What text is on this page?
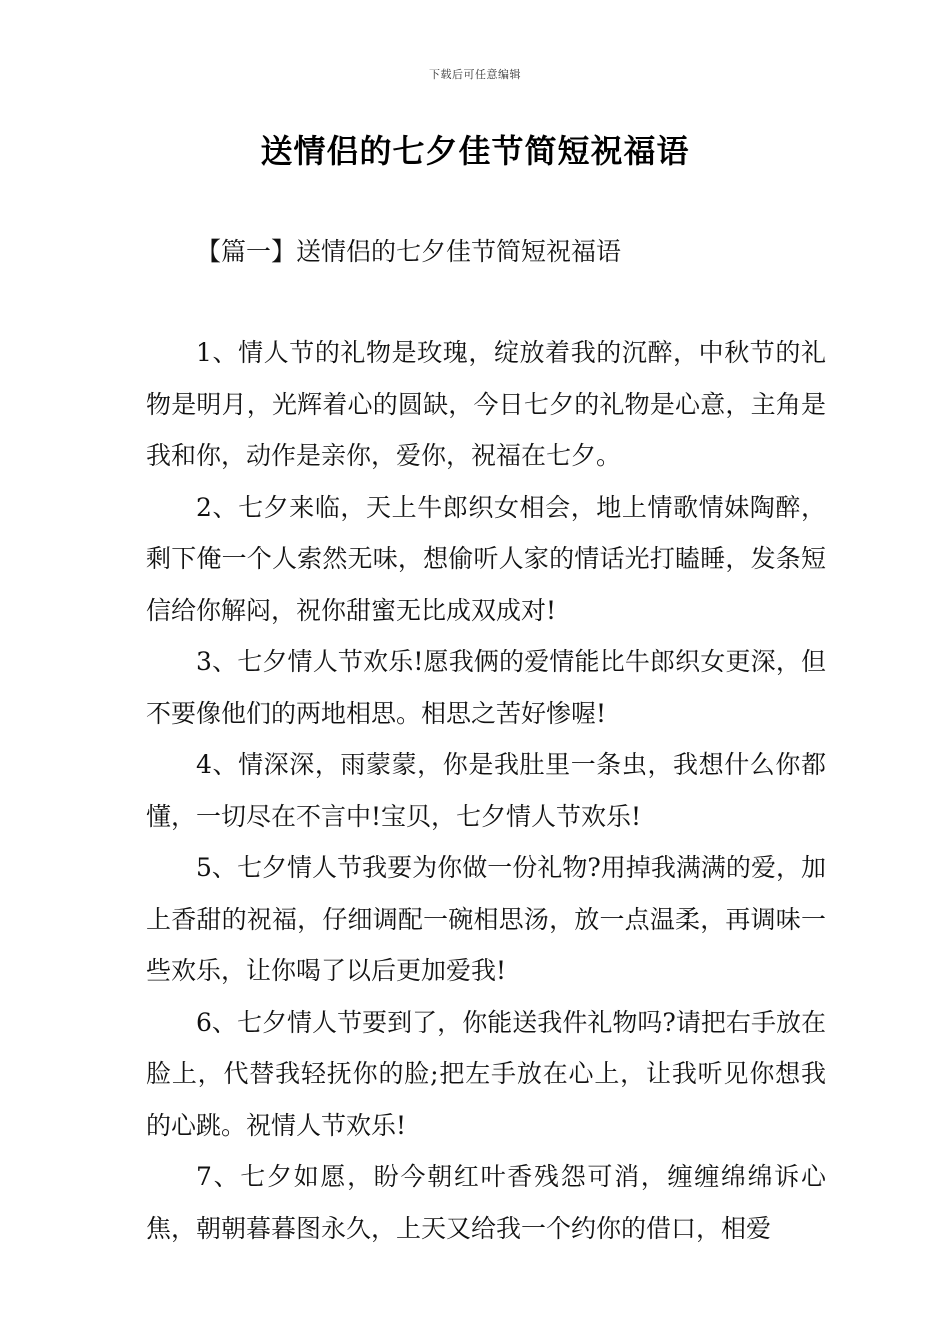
下载后可任意编辑
送情侣的七夕佳节简短祝福语
【篇一】送情侣的七夕佳节简短祝福语

1、情人节的礼物是玫瑰，绽放着我的沉醉，中秋节的礼物是明月，光辉着心的圆缺，今日七夕的礼物是心意，主角是我和你，动作是亲你，爱你，祝福在七夕。

2、七夕来临，天上牛郎织女相会，地上情歌情妹陶醉，剩下俺一个人索然无味，想偷听人家的情话光打瞌睡，发条短信给你解闷，祝你甜蜜无比成双成对!

3、七夕情人节欢乐!愿我俩的爱情能比牛郎织女更深，但不要像他们的两地相思。相思之苦好惨喔!

4、情深深，雨蒙蒙，你是我肚里一条虫，我想什么你都懂，一切尽在不言中!宝贝，七夕情人节欢乐!

5、七夕情人节我要为你做一份礼物?用掉我满满的爱，加上香甜的祝福，仔细调配一碗相思汤，放一点温柔，再调味一些欢乐，让你喝了以后更加爱我!

6、七夕情人节要到了，你能送我件礼物吗?请把右手放在脸上，代替我轻抚你的脸;把左手放在心上，让我听见你想我的心跳。祝情人节欢乐!

7、七夕如愿，盼今朝红叶香残怨可消，缠缠绵绵诉心焦，朝朝暮暮图永久，上天又给我一个约你的借口，相爱
